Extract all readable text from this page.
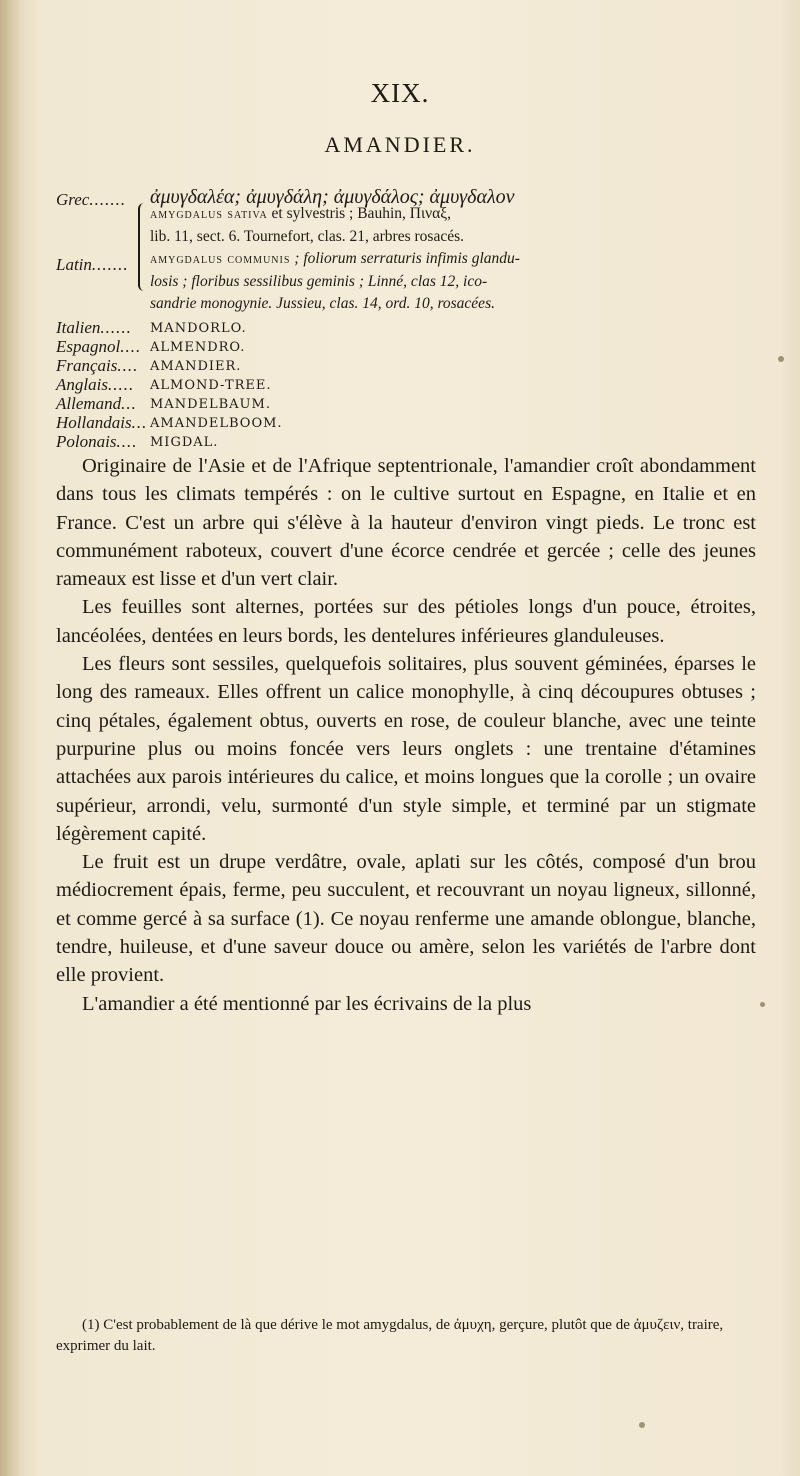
XIX.
AMANDIER.
Grec....... ἀμυγδαλέα; ἀμυγδάλη; ἀμυγδάλος; ἀμυγδαλον
Latin.......
amygdalus sativa et sylvestris ; Bauhin, Πιναξ,
lib. 11, sect. 6. Tournefort, clas. 21, arbres rosacés.
amygdalus communis ; foliorum serraturis infimis glandu-
losis ; floribus sessilibus geminis ; Linné, clas 12, ico-
sandrie monogynie. Jussieu, clas. 14, ord. 10, rosacées.
Italien...... MANDORLO.
Espagnol.... ALMENDRO.
Français.... AMANDIER.
Anglais..... ALMOND-TREE.
Allemand... MANDELBAUM.
Hollandais... AMANDELBOOM.
Polonais.... MIGDAL.

Originaire de l'Asie et de l'Afrique septentrionale, l'amandier croît abondamment dans tous les climats tempérés : on le cultive surtout en Espagne, en Italie et en France. C'est un arbre qui s'élève à la hauteur d'environ vingt pieds. Le tronc est communément raboteux, couvert d'une écorce cendrée et gercée ; celle des jeunes rameaux est lisse et d'un vert clair.

Les feuilles sont alternes, portées sur des pétioles longs d'un pouce, étroites, lancéolées, dentées en leurs bords, les dentelures inférieures glanduleuses.

Les fleurs sont sessiles, quelquefois solitaires, plus souvent géminées, éparses le long des rameaux. Elles offrent un calice monophylle, à cinq découpures obtuses ; cinq pétales, également obtus, ouverts en rose, de couleur blanche, avec une teinte purpurine plus ou moins foncée vers leurs onglets : une trentaine d'étamines attachées aux parois intérieures du calice, et moins longues que la corolle ; un ovaire supérieur, arrondi, velu, surmonté d'un style simple, et terminé par un stigmate légèrement capité.

Le fruit est un drupe verdâtre, ovale, aplati sur les côtés, composé d'un brou médiocrement épais, ferme, peu succulent, et recouvrant un noyau ligneux, sillonné, et comme gercé à sa surface (1). Ce noyau renferme une amande oblongue, blanche, tendre, huileuse, et d'une saveur douce ou amère, selon les variétés de l'arbre dont elle provient.

L'amandier a été mentionné par les écrivains de la plus

(1) C'est probablement de là que dérive le mot amygdalus, de ἀμυχη, gerçure, plutôt que de ἀμυζειν, traire, exprimer du lait.
